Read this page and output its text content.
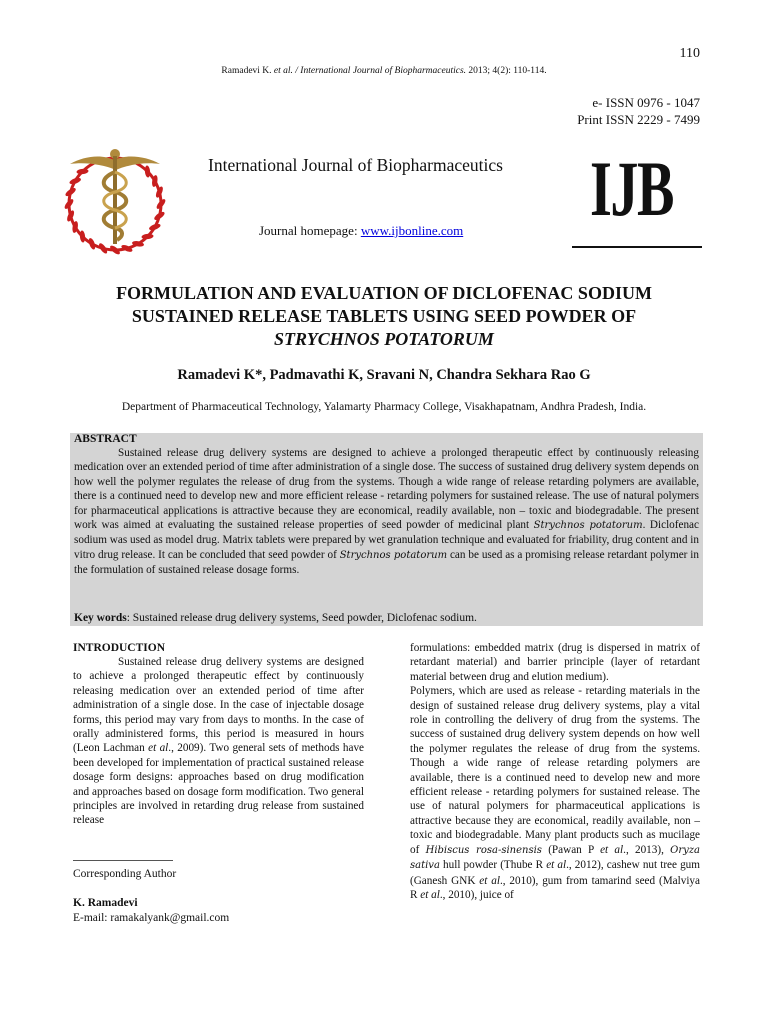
110
Ramadevi K. et al. / International Journal of Biopharmaceutics. 2013; 4(2): 110-114.
e- ISSN 0976 - 1047
Print ISSN 2229 - 7499
International Journal of Biopharmaceutics
Journal homepage: www.ijbonline.com IJB
FORMULATION AND EVALUATION OF DICLOFENAC SODIUM
SUSTAINED RELEASE TABLETS USING SEED POWDER OF
STRYCHNOS POTATORUM
Ramadevi K*, Padmavathi K, Sravani N, Chandra Sekhara Rao G
Department of Pharmaceutical Technology, Yalamarty Pharmacy College, Visakhapatnam, Andhra Pradesh, India.
ABSTRACT
Sustained release drug delivery systems are designed to achieve a prolonged therapeutic effect by continuously releasing medication over an extended period of time after administration of a single dose. The success of sustained drug delivery system depends on how well the polymer regulates the release of drug from the systems. Though a wide range of release retarding polymers are available, there is a continued need to develop new and more efficient release - retarding polymers for sustained release. The use of natural polymers for pharmaceutical applications is attractive because they are economical, readily available, non – toxic and biodegradable. The present work was aimed at evaluating the sustained release properties of seed powder of medicinal plant Strychnos potatorum. Diclofenac sodium was used as model drug. Matrix tablets were prepared by wet granulation technique and evaluated for friability, drug content and in vitro drug release. It can be concluded that seed powder of Strychnos potatorum can be used as a promising release retardant polymer in the formulation of sustained release dosage forms.
Key words: Sustained release drug delivery systems, Seed powder, Diclofenac sodium.
INTRODUCTION
Sustained release drug delivery systems are designed to achieve a prolonged therapeutic effect by continuously releasing medication over an extended period of time after administration of a single dose. In the case of injectable dosage forms, this period may vary from days to months. In the case of orally administered forms, this period is measured in hours (Leon Lachman et al., 2009). Two general sets of methods have been developed for implementation of practical sustained release dosage form designs: approaches based on drug modification and approaches based on dosage form modification. Two general principles are involved in retarding drug release from sustained release
Corresponding Author
K. Ramadevi
E-mail: ramakalyank@gmail.com
formulations: embedded matrix (drug is dispersed in matrix of retardant material) and barrier principle (layer of retardant material between drug and elution medium).
Polymers, which are used as release - retarding materials in the design of sustained release drug delivery systems, play a vital role in controlling the delivery of drug from the systems. The success of sustained drug delivery system depends on how well the polymer regulates the release of drug from the systems. Though a wide range of release retarding polymers are available, there is a continued need to develop new and more efficient release - retarding polymers for sustained release. The use of natural polymers for pharmaceutical applications is attractive because they are economical, readily available, non – toxic and biodegradable. Many plant products such as mucilage of Hibiscus rosa-sinensis (Pawan P et al., 2013), Oryza sativa hull powder (Thube R et al., 2012), cashew nut tree gum (Ganesh GNK et al., 2010), gum from tamarind seed (Malviya R et al., 2010), juice of
